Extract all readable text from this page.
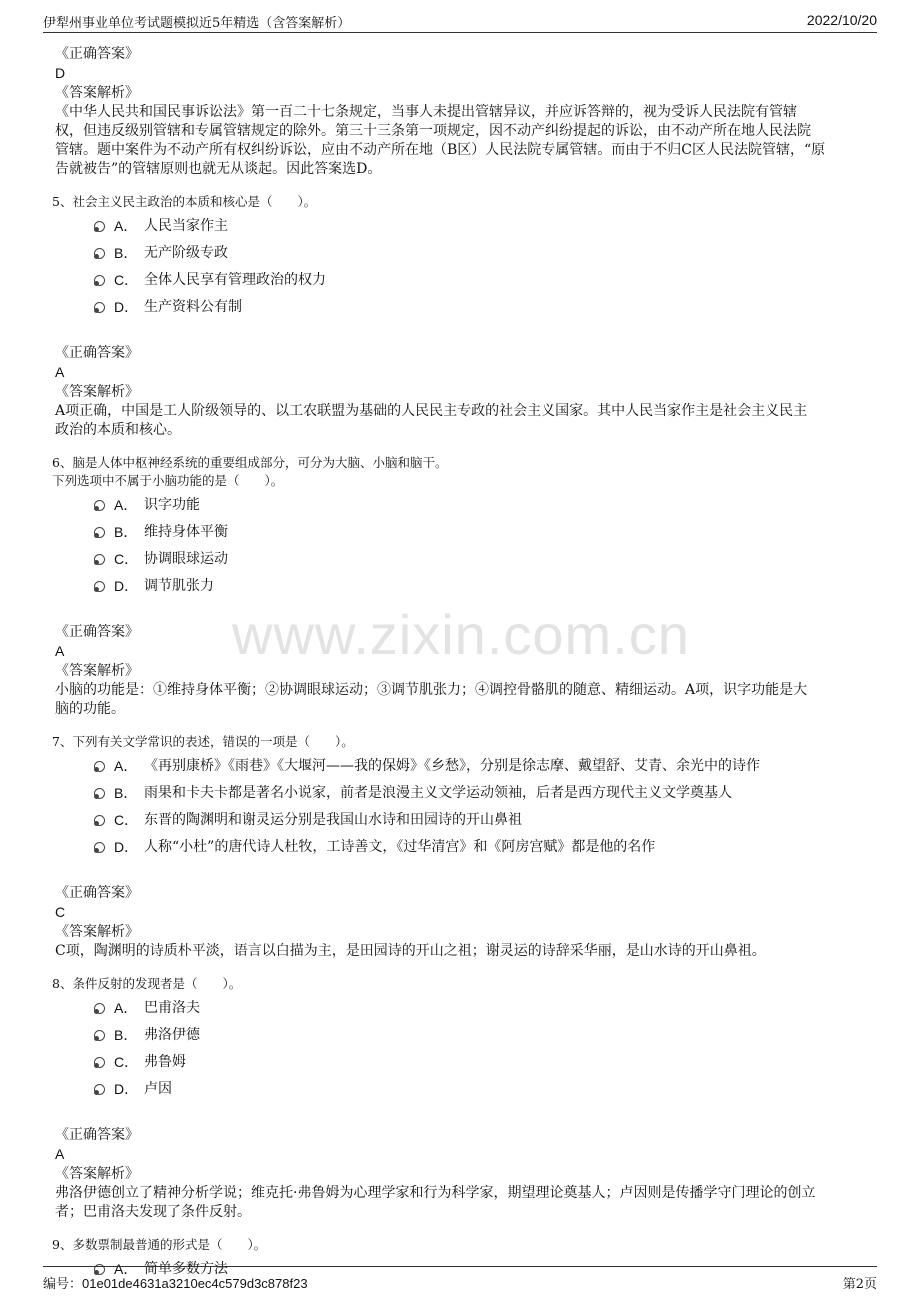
伊犁州事业单位考试题模拟近5年精选（含答案解析）	2022/10/20
www.zixin.com.cn
《正确答案》
D
《答案解析》
《中华人民共和国民事诉讼法》第一百二十七条规定，当事人未提出管辖异议，并应诉答辩的，视为受诉人民法院有管辖
权，但违反级别管辖和专属管辖规定的除外。第三十三条第一项规定，因不动产纠纷提起的诉讼，由不动产所在地人民法院
管辖。题中案件为不动产所有权纠纷诉讼，应由不动产所在地（B区）人民法院专属管辖。而由于不归C区人民法院管辖，“原
告就被告”的管辖原则也就无从谈起。因此答案选D。
5、社会主义民主政治的本质和核心是（　　）。
A． 人民当家作主
B． 无产阶级专政
C． 全体人民享有管理政治的权力
D． 生产资料公有制
《正确答案》
A
《答案解析》
A项正确，中国是工人阶级领导的、以工农联盟为基础的人民民主专政的社会主义国家。其中人民当家作主是社会主义民主
政治的本质和核心。
6、脑是人体中枢神经系统的重要组成部分，可分为大脑、小脑和脑干。
下列选项中不属于小脑功能的是（　　）。
A． 识字功能
B． 维持身体平衡
C． 协调眼球运动
D． 调节肌张力
《正确答案》
A
《答案解析》
小脑的功能是：①维持身体平衡；②协调眼球运动；③调节肌张力；④调控骨骼肌的随意、精细运动。A项，识字功能是大
脑的功能。
7、下列有关文学常识的表述，错误的一项是（　　）。
A． 《再别康桥》《雨巷》《大堰河——我的保姆》《乡愁》，分别是徐志摩、戴望舒、艾青、余光中的诗作
B． 雨果和卡夫卡都是著名小说家，前者是浪漫主义文学运动领袖，后者是西方现代主义文学奠基人
C． 东晋的陶渊明和谢灵运分别是我国山水诗和田园诗的开山鼻祖
D． 人称“小杜”的唐代诗人杜牧，工诗善文，《过华清宫》和《阿房宫赋》都是他的名作
《正确答案》
C
《答案解析》
C项，陶渊明的诗质朴平淡，语言以白描为主，是田园诗的开山之祖；谢灵运的诗辞采华丽，是山水诗的开山鼻祖。
8、条件反射的发现者是（　　）。
A． 巴甫洛夫
B． 弗洛伊德
C． 弗鲁姆
D． 卢因
《正确答案》
A
《答案解析》
弗洛伊德创立了精神分析学说；维克托·弗鲁姆为心理学家和行为科学家，期望理论奠基人；卢因则是传播学守门理论的创立
者；巴甫洛夫发现了条件反射。
9、多数票制最普通的形式是（　　）。
A． 简单多数方法
编号：01e01de4631a3210ec4c579d3c878f23	第2页
